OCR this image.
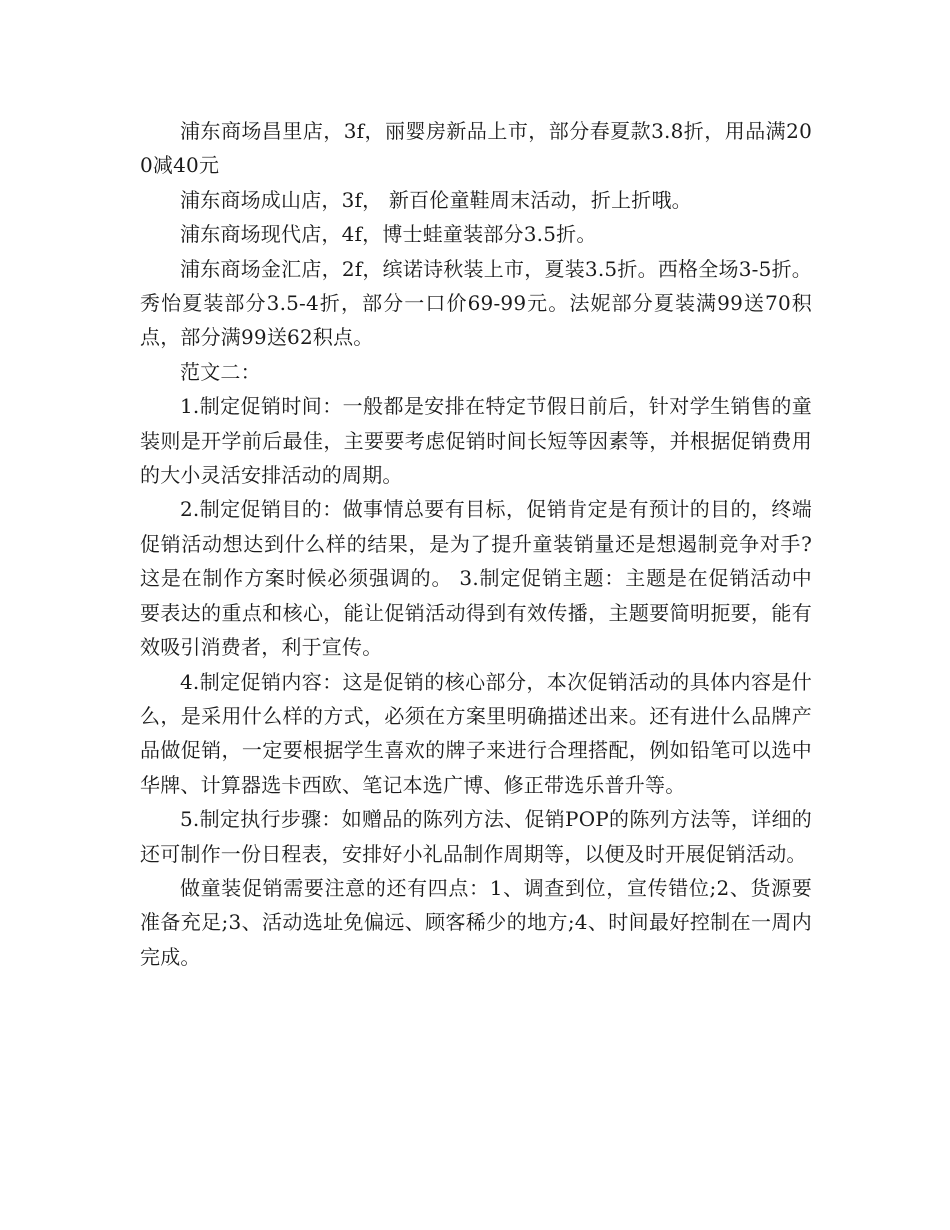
浦东商场昌里店，3f，丽婴房新品上市，部分春夏款3.8折，用品满200减40元

浦东商场成山店，3f， 新百伦童鞋周末活动，折上折哦。

浦东商场现代店，4f，博士蛙童装部分3.5折。

浦东商场金汇店，2f，缤诺诗秋装上市，夏装3.5折。西格全场3-5折。秀怡夏装部分3.5-4折，部分一口价69-99元。法妮部分夏装满99送70积点，部分满99送62积点。

范文二：

1.制定促销时间：一般都是安排在特定节假日前后，针对学生销售的童装则是开学前后最佳，主要要考虑促销时间长短等因素等，并根据促销费用的大小灵活安排活动的周期。

2.制定促销目的：做事情总要有目标，促销肯定是有预计的目的，终端促销活动想达到什么样的结果，是为了提升童装销量还是想遏制竞争对手?这是在制作方案时候必须强调的。 3.制定促销主题：主题是在促销活动中要表达的重点和核心，能让促销活动得到有效传播，主题要简明扼要，能有效吸引消费者，利于宣传。

4.制定促销内容：这是促销的核心部分，本次促销活动的具体内容是什么，是采用什么样的方式，必须在方案里明确描述出来。还有进什么品牌产品做促销，一定要根据学生喜欢的牌子来进行合理搭配，例如铅笔可以选中华牌、计算器选卡西欧、笔记本选广博、修正带选乐普升等。

5.制定执行步骤：如赠品的陈列方法、促销POP的陈列方法等，详细的还可制作一份日程表，安排好小礼品制作周期等，以便及时开展促销活动。

做童装促销需要注意的还有四点：1、调查到位，宣传错位;2、货源要准备充足;3、活动选址免偏远、顾客稀少的地方;4、时间最好控制在一周内完成。
